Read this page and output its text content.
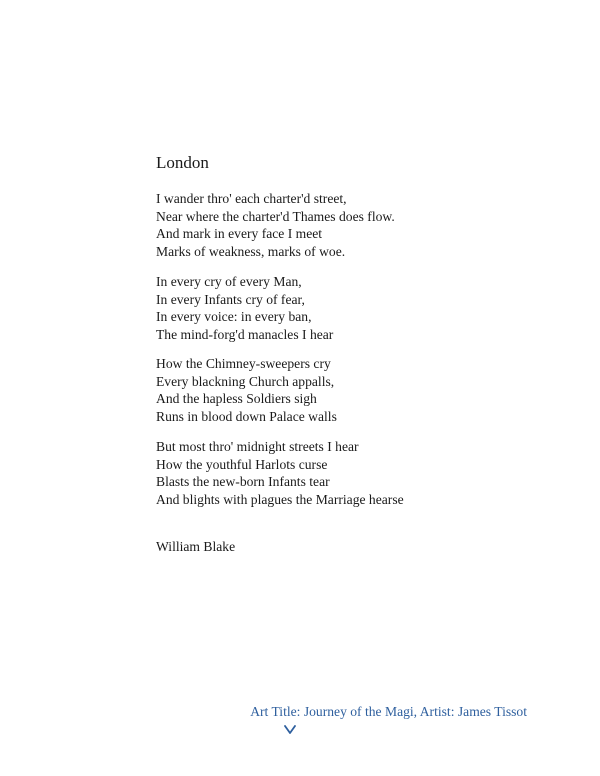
London
I wander thro' each charter'd street,
Near where the charter'd Thames does flow.
And mark in every face I meet
Marks of weakness, marks of woe.
In every cry of every Man,
In every Infants cry of fear,
In every voice: in every ban,
The mind-forg'd manacles I hear
How the Chimney-sweepers cry
Every blackning Church appalls,
And the hapless Soldiers sigh
Runs in blood down Palace walls
But most thro' midnight streets I hear
How the youthful Harlots curse
Blasts the new-born Infants tear
And blights with plagues the Marriage hearse

William Blake

Art Title: Journey of the Magi, Artist: James Tissot
